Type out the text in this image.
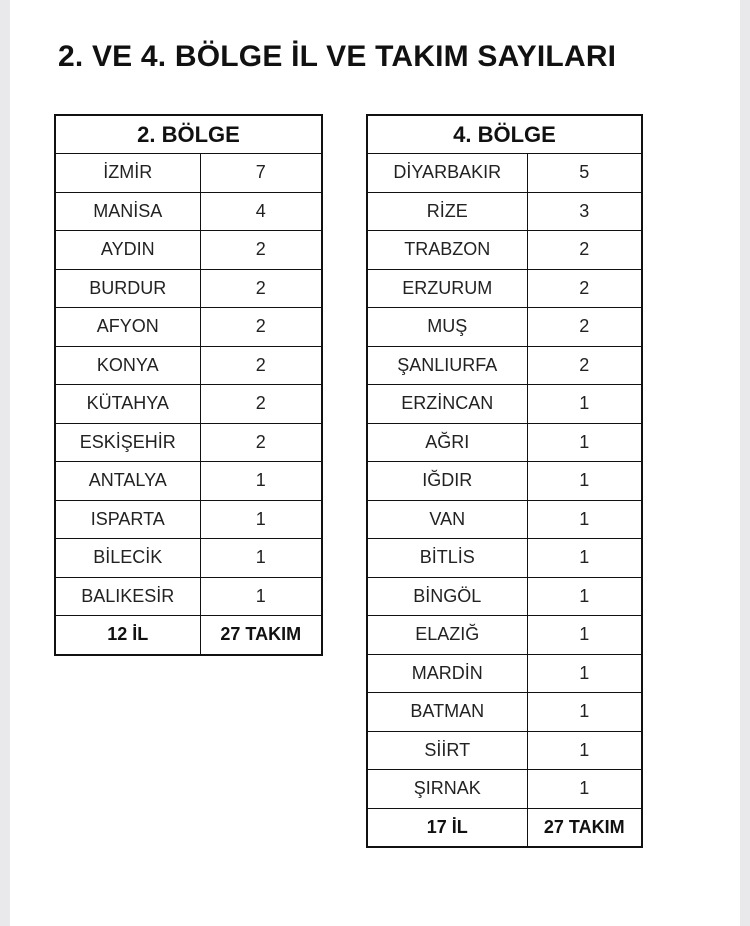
2. VE 4. BÖLGE İL VE TAKIM SAYILARI
2. BÖLGE	
İZMİR	7
MANİSA	4
AYDIN	2
BURDUR	2
AFYON	2
KONYA	2
KÜTAHYA	2
ESKİŞEHİR	2
ANTALYA	1
ISPARTA	1
BİLECİK	1
BALIKESİR	1
12 İL	27 TAKIM
4. BÖLGE	
DİYARBAKIR	5
RİZE	3
TRABZON	2
ERZURUM	2
MUŞ	2
ŞANLIURFA	2
ERZİNCAN	1
AĞRI	1
IĞDIR	1
VAN	1
BİTLİS	1
BİNGÖL	1
ELAZIĞ	1
MARDİN	1
BATMAN	1
SİİRT	1
ŞIRNAK	1
17 İL	27 TAKIM
